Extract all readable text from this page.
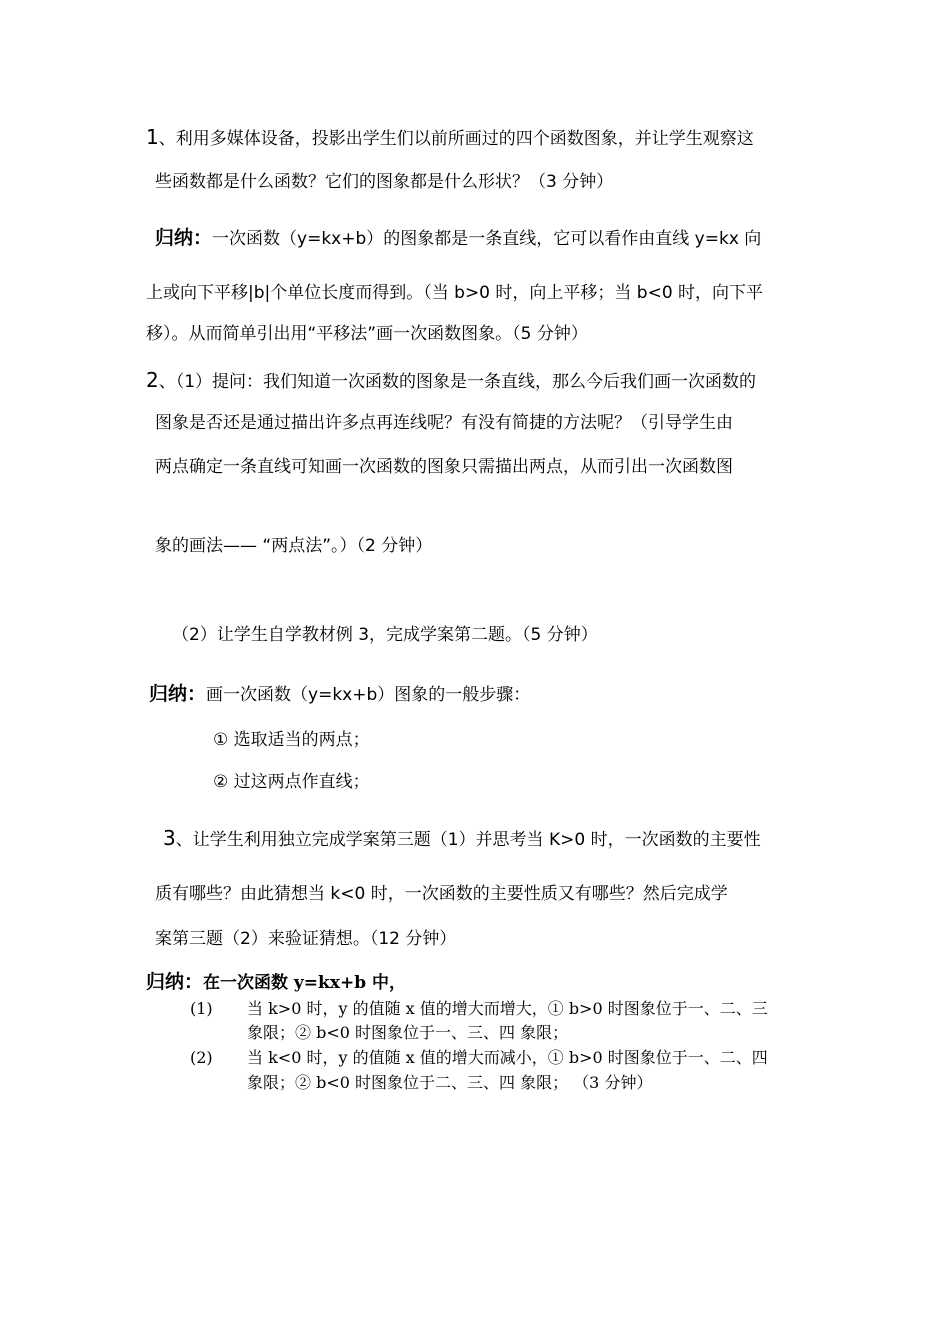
1、利用多媒体设备，投影出学生们以前所画过的四个函数图象，并让学生观察这
些函数都是什么函数？它们的图象都是什么形状？（3 分钟）
归纳：一次函数（y=kx+b）的图象都是一条直线，它可以看作由直线 y=kx 向
上或向下平移|b|个单位长度而得到。（当 b>0 时，向上平移；当 b<0 时，向下平
移）。从而简单引出用“平移法”画一次函数图象。（5 分钟）
2、（1）提问：我们知道一次函数的图象是一条直线，那么今后我们画一次函数的
图象是否还是通过描出许多点再连线呢？有没有简捷的方法呢？（引导学生由
两点确定一条直线可知画一次函数的图象只需描出两点，从而引出一次函数图
象的画法—— “两点法”。）（2 分钟）
（2）让学生自学教材例 3，完成学案第二题。（5 分钟）
归纳：画一次函数（y=kx+b）图象的一般步骤：
① 选取适当的两点；
② 过这两点作直线；
3、让学生利用独立完成学案第三题（1）并思考当 K>0 时，一次函数的主要性
质有哪些？由此猜想当 k<0 时，一次函数的主要性质又有哪些？然后完成学
案第三题（2）来验证猜想。（12 分钟）
归纳：在一次函数 y=kx+b 中，
(1) 当 k>0 时，y 的值随 x 值的增大而增大，① b>0 时图象位于一、二、三
象限；② b<0 时图象位于一、三、四 象限；
(2) 当 k<0 时，y 的值随 x 值的增大而减小，① b>0 时图象位于一、二、四
象限；② b<0 时图象位于二、三、四 象限； （3 分钟）
